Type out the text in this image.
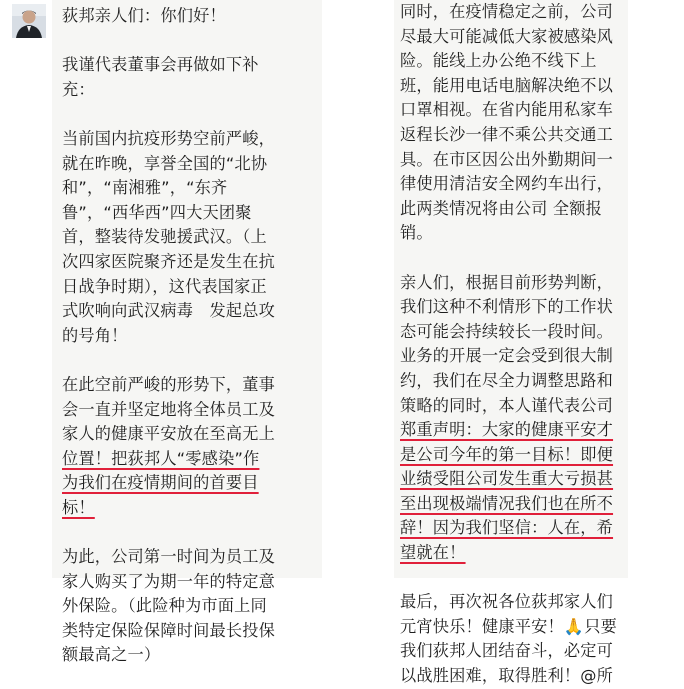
荻邦亲人们：你们好！

我谨代表董事会再做如下补
充：

当前国内抗疫形势空前严峻，
就在昨晚，享誉全国的“北协
和”，“南湘雅”，“东齐
鲁”，“西华西”四大天团聚
首，整装待发驰援武汉。（上
次四家医院聚齐还是发生在抗
日战争时期），这代表国家正
式吹响向武汉病毒　发起总攻
的号角！

在此空前严峻的形势下，董事
会一直并坚定地将全体员工及
家人的健康平安放在至高无上
位置！把荻邦人“零感染”作
为我们在疫情期间的首要目
标！

为此，公司第一时间为员工及
家人购买了为期一年的特定意
外保险。（此险种为市面上同
类特定保险保障时间最长投保
额最高之一）

同时，在疫情稳定之前，公司
尽最大可能减低大家被感染风
险。能线上办公绝不线下上
班，能用电话电脑解决绝不以
口罩相视。在省内能用私家车
返程长沙一律不乘公共交通工
具。在市区因公出外勤期间一
律使用清洁安全网约车出行，
此两类情况将由公司 全额报
销。

亲人们，根据目前形势判断，
我们这种不利情形下的工作状
态可能会持续较长一段时间。
业务的开展一定会受到很大制
约，我们在尽全力调整思路和
策略的同时，本人谨代表公司
郑重声明：大家的健康平安才
是公司今年的第一目标！即便
业绩受阻公司发生重大亏损甚
至出现极端情况我们也在所不
辞！因为我们坚信：人在，希
望就在！

最后，再次祝各位荻邦家人们
元宵快乐！健康平安！🙏只要
我们荻邦人团结奋斗，必定可
以战胜困难，取得胜利！@所
